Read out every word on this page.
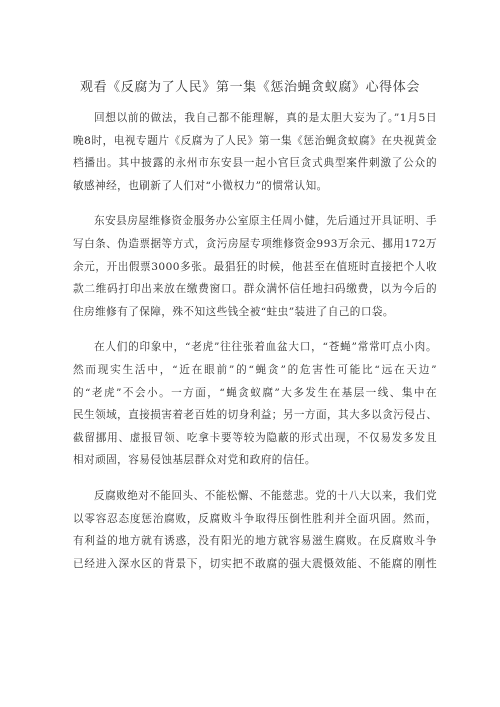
观看《反腐为了人民》第一集《惩治蝇贪蚁腐》心得体会
回想以前的做法，我自己都不能理解，真的是太胆大妄为了。”1月5日
晚8时，电视专题片《反腐为了人民》第一集《惩治蝇贪蚁腐》在央视黄金
档播出。其中披露的永州市东安县一起小官巨贪式典型案件刺激了公众的
敏感神经，也刷新了人们对“小微权力”的惯常认知。
东安县房屋维修资金服务办公室原主任周小健，先后通过开具证明、手
写白条、伪造票据等方式，贪污房屋专项维修资金993万余元、挪用172万
余元，开出假票3000多张。最猖狂的时候，他甚至在值班时直接把个人收
款二维码打印出来放在缴费窗口。群众满怀信任地扫码缴费，以为今后的
住房维修有了保障，殊不知这些钱全被“蛀虫”装进了自己的口袋。
在人们的印象中，“老虎”往往张着血盆大口，“苍蝇”常常叮点小肉。
然而现实生活中，“近在眼前”的“蝇贪”的危害性可能比“远在天边”
的“老虎”不会小。一方面，“蝇贪蚁腐”大多发生在基层一线、集中在
民生领域，直接损害着老百姓的切身利益；另一方面，其大多以贪污侵占、
截留挪用、虚报冒领、吃拿卡要等较为隐蔽的形式出现，不仅易发多发且
相对顽固，容易侵蚀基层群众对党和政府的信任。
反腐败绝对不能回头、不能松懈、不能慈悲。党的十八大以来，我们党
以零容忍态度惩治腐败，反腐败斗争取得压倒性胜利并全面巩固。然而，
有利益的地方就有诱惑，没有阳光的地方就容易滋生腐败。在反腐败斗争
已经进入深水区的背景下，切实把不敢腐的强大震慑效能、不能腐的刚性
